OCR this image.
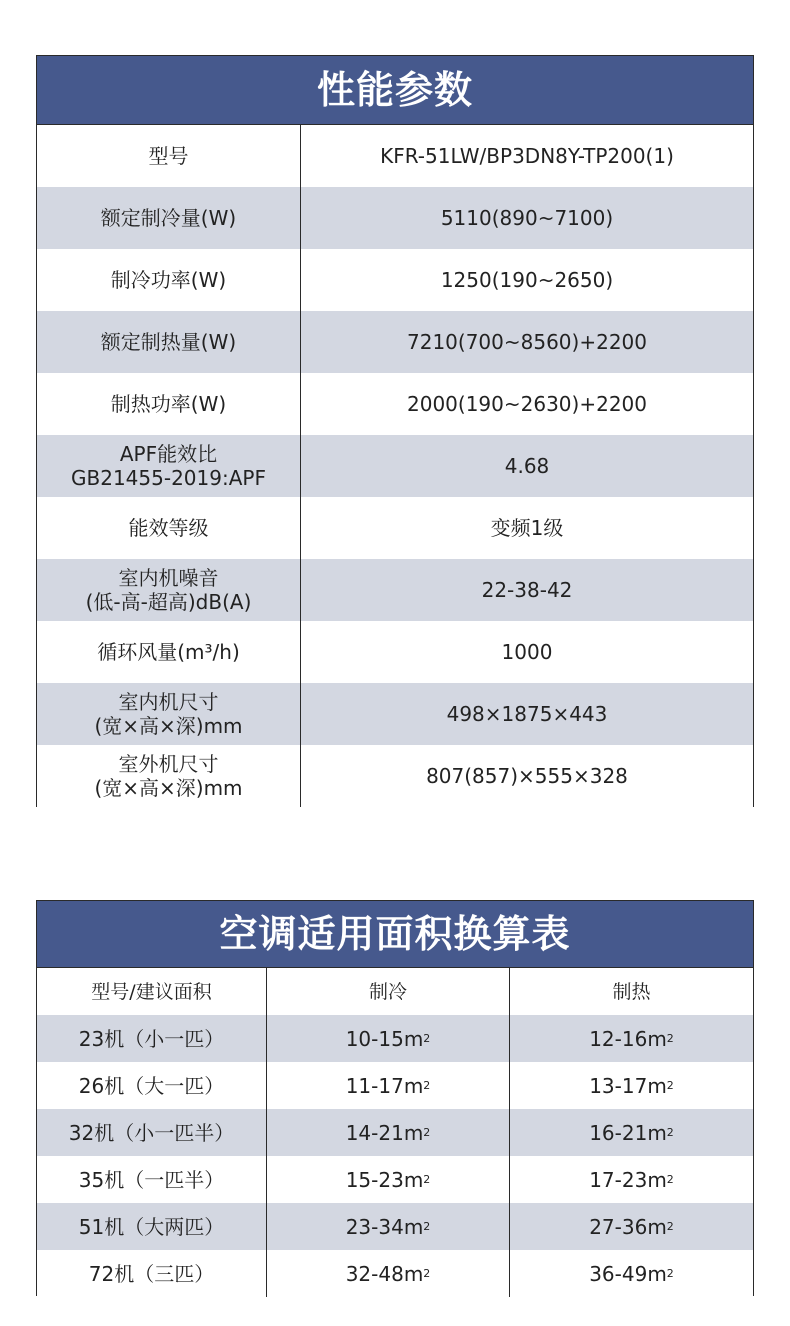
性能参数
型号	KFR-51LW/BP3DN8Y-TP200(1)
额定制冷量(W)	5110(890~7100)
制冷功率(W)	1250(190~2650)
额定制热量(W)	7210(700~8560)+2200
制热功率(W)	2000(190~2630)+2200
APF能效比
GB21455-2019:APF	4.68
能效等级	变频1级
室内机噪音
(低-高-超高)dB(A)	22-38-42
循环风量(m³/h)	1000
室内机尺寸
(宽×高×深)mm	498×1875×443
室外机尺寸
(宽×高×深)mm	807(857)×555×328
空调适用面积换算表
型号/建议面积	制冷	制热
23机（小一匹）	10-15 m 2	12-16 m 2
26机（大一匹）	11-17 m 2	13-17 m 2
32机（小一匹半）	14-21 m 2	16-21 m 2
35机（一匹半）	15-23 m 2	17-23 m 2
51机（大两匹）	23-34 m 2	27-36 m 2
72机（三匹）	32-48 m 2	36-49 m 2
